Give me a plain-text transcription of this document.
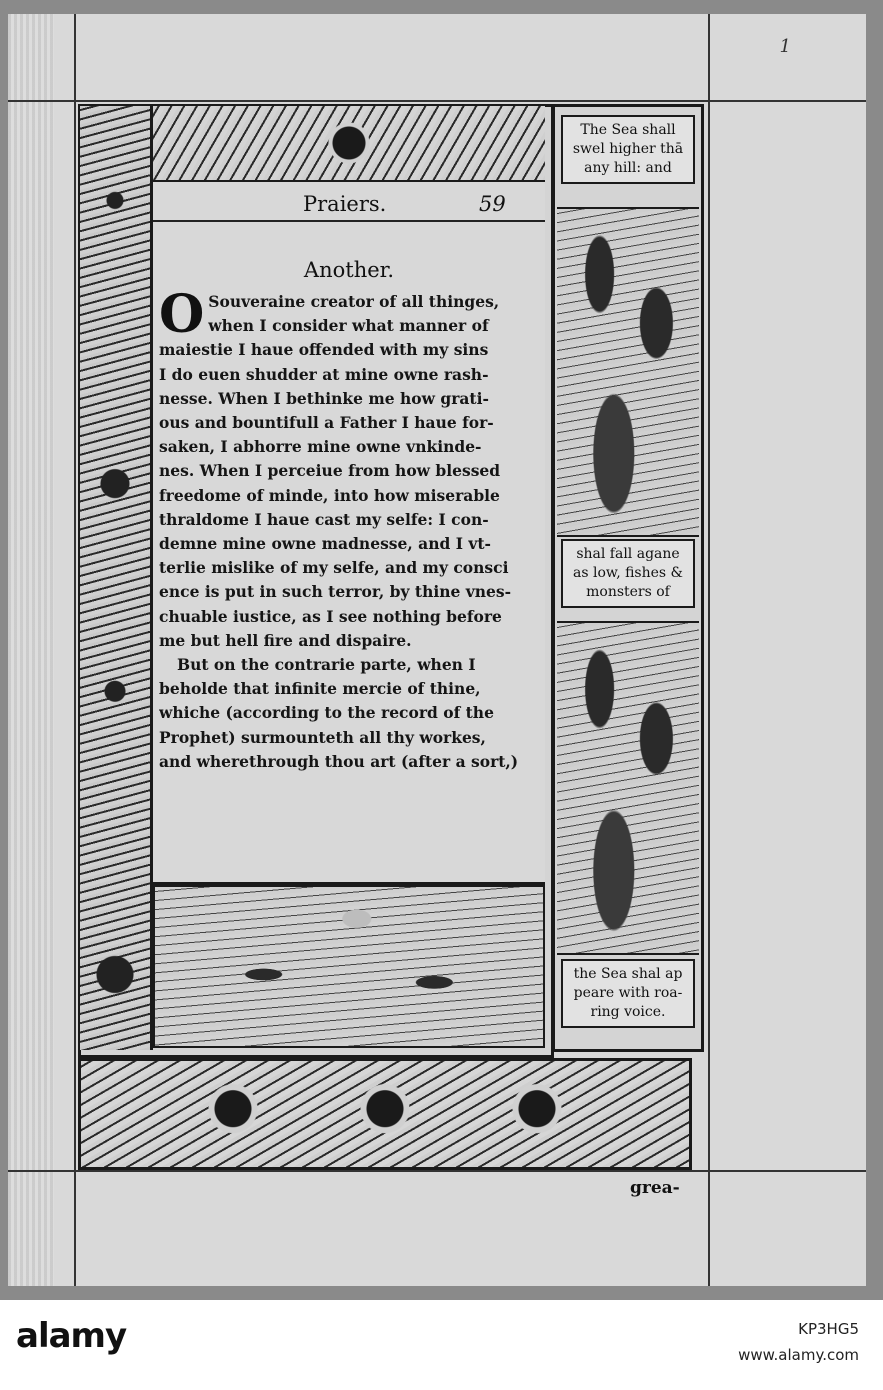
1
Praiers.	59
Another.
O Souveraine creator of all thinges,
when I consider what manner of
maiestie I haue offended with my sins
I do euen shudder at mine owne rash-
nesse. When I bethinke me how grati-
ous and bountifull a Father I haue for-
saken, I abhorre mine owne vnkinde-
nes. When I perceiue from how blessed
freedome of minde, into how miserable
thraldome I haue cast my selfe: I con-
demne mine owne madnesse, and I vt-
terlie mislike of my selfe, and my consci
ence is put in such terror, by thine vnes-
chuable iustice, as I see nothing before
me but hell fire and dispaire.
But on the contrarie parte, when I
beholde that infinite mercie of thine,
whiche (according to the record of the
Prophet) surmounteth all thy workes,
and wherethrough thou art (after a sort,)
The Sea shall
swel higher thā
any hill: and
shal fall agane
as low, fishes &
monsters of
the Sea shal ap
peare with roa-
ring voice.
grea-
alamy	KP3HG5
www.alamy.com
